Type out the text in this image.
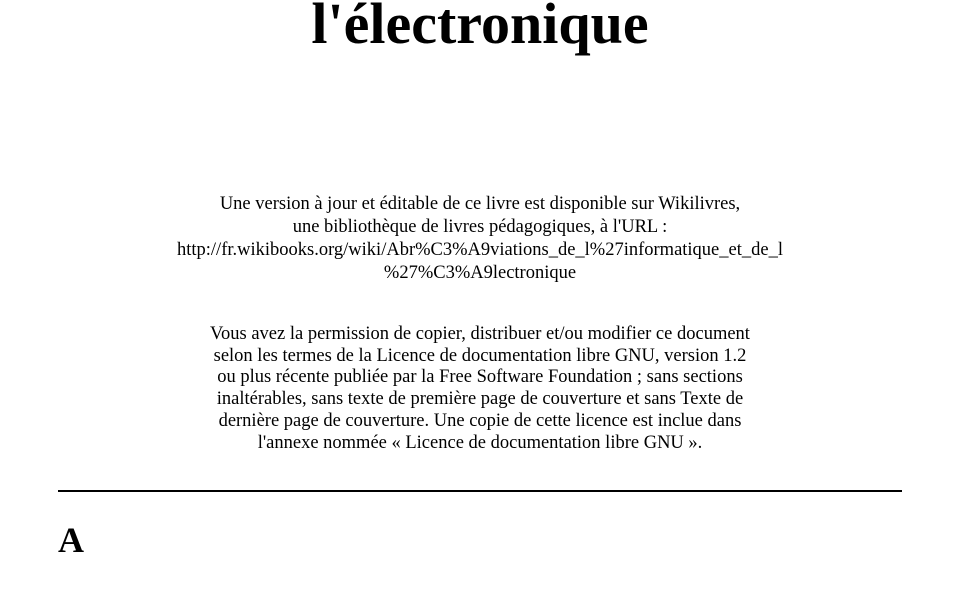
l'électronique

Une version à jour et éditable de ce livre est disponible sur Wikilivres,
une bibliothèque de livres pédagogiques, à l'URL :
http://fr.wikibooks.org/wiki/Abr%C3%A9viations_de_l%27informatique_et_de_l
%27%C3%A9lectronique

Vous avez la permission de copier, distribuer et/ou modifier ce document
selon les termes de la Licence de documentation libre GNU, version 1.2
ou plus récente publiée par la Free Software Foundation ; sans sections
inaltérables, sans texte de première page de couverture et sans Texte de
dernière page de couverture. Une copie de cette licence est inclue dans
l'annexe nommée « Licence de documentation libre GNU ».

A
